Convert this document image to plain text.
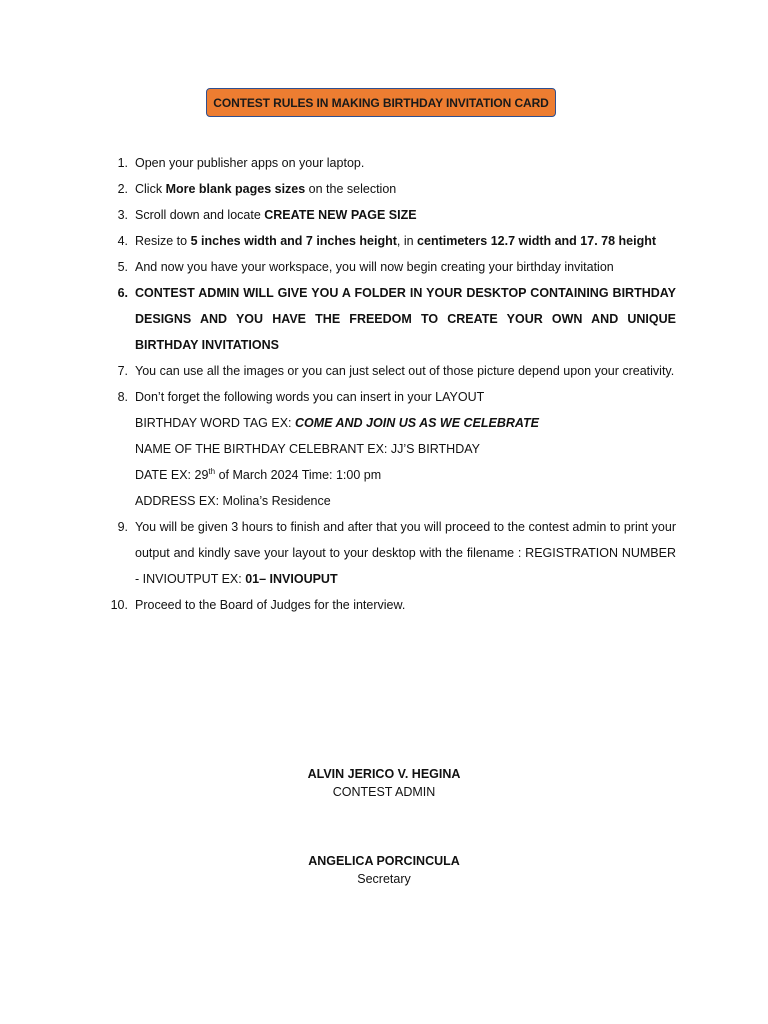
CONTEST RULES IN MAKING BIRTHDAY INVITATION CARD
1. Open your publisher apps on your laptop.
2. Click More blank pages sizes on the selection
3. Scroll down and locate CREATE NEW PAGE SIZE
4. Resize to 5 inches width and 7 inches height, in centimeters 12.7 width and 17. 78 height
5. And now you have your workspace, you will now begin creating your birthday invitation
6. CONTEST ADMIN WILL GIVE YOU A FOLDER IN YOUR DESKTOP CONTAINING BIRTHDAY DESIGNS AND YOU HAVE THE FREEDOM TO CREATE YOUR OWN AND UNIQUE BIRTHDAY INVITATIONS
7. You can use all the images or you can just select out of those picture depend upon your creativity.
8. Don’t forget the following words you can insert in your LAYOUT
BIRTHDAY WORD TAG EX: COME AND JOIN US AS WE CELEBRATE
NAME OF THE BIRTHDAY CELEBRANT EX: JJ’S BIRTHDAY
DATE EX: 29th of March 2024 Time: 1:00 pm
ADDRESS EX: Molina’s Residence
9. You will be given 3 hours to finish and after that you will proceed to the contest admin to print your output and kindly save your layout to your desktop with the filename : REGISTRATION NUMBER - INVIOUTPUT EX: 01– INVIOUPUT
10. Proceed to the Board of Judges for the interview.
ALVIN JERICO V. HEGINA
CONTEST ADMIN
ANGELICA PORCINCULA
Secretary
